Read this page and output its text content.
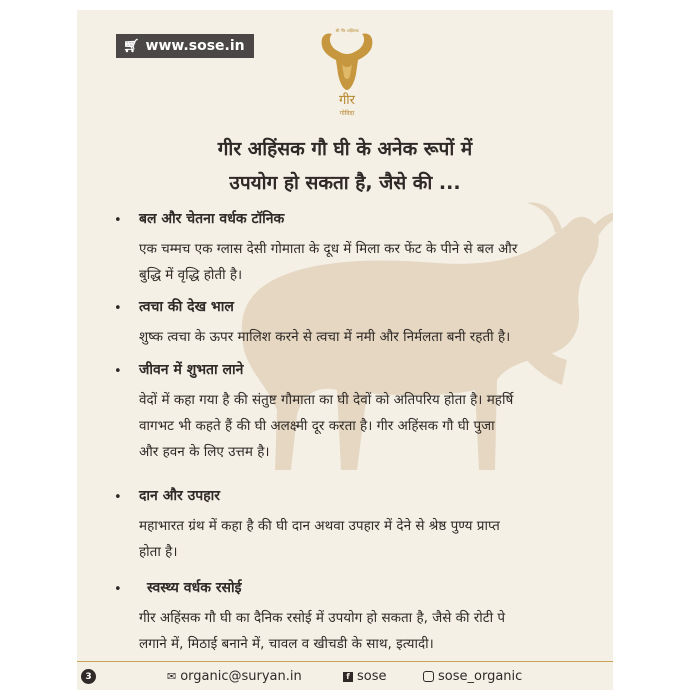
🛒︎ www.sose.in
श्री गीर अहिंसक
गीर
गोविदा
गीर अहिंसक गौ घी के अनेक रूपों में
उपयोग हो सकता है, जैसे की ...
• बल और चेतना वर्धक टॉनिक
एक चम्मच एक ग्लास देसी गोमाता के दूध में मिला कर फेंट के पीने से बल और
बुद्धि में वृद्धि होती है।
• त्वचा की देख भाल
शुष्क त्वचा के ऊपर मालिश करने से त्वचा में नमी और निर्मलता बनी रहती है।
• जीवन में शुभता लाने
वेदों में कहा गया है की संतुष्ट गौमाता का घी देवों को अतिपरिय होता है। महर्षि
वागभट भी कहते हैं की घी अलक्ष्मी दूर करता है। गीर अहिंसक गौ घी पुजा
और हवन के लिए उत्तम है।
• दान और उपहार
महाभारत ग्रंथ में कहा है की घी दान अथवा उपहार में देने से श्रेष्ठ पुण्य प्राप्त
होता है।
• स्वस्थ्य वर्धक रसोई
गीर अहिंसक गौ घी का दैनिक रसोई में उपयोग हो सकता है, जैसे की रोटी पे
लगाने में, मिठाई बनाने में, चावल व खीचडी के साथ, इत्यादी।
3	✉ organic@suryan.in	f sose	sose_organic
